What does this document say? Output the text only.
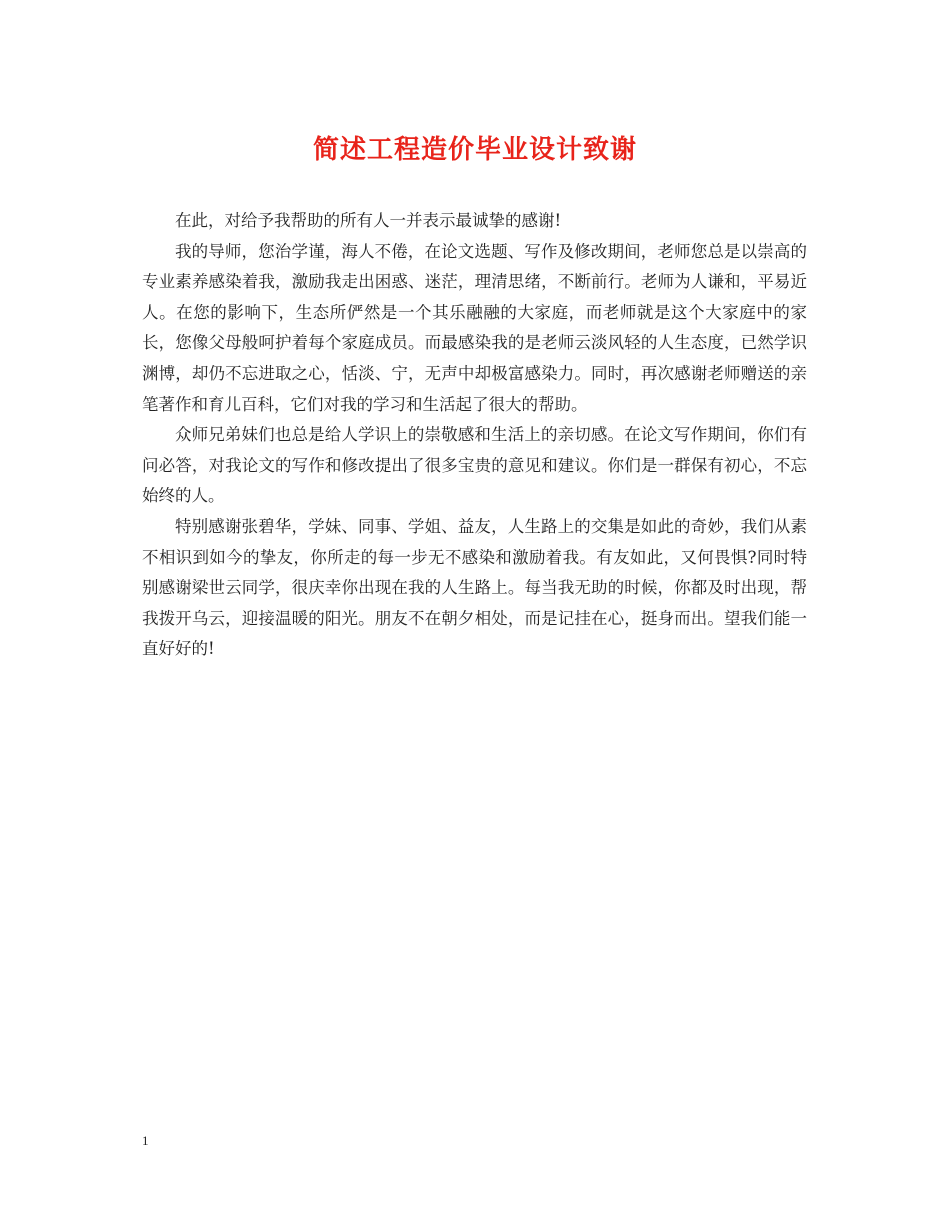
简述工程造价毕业设计致谢

在此，对给予我帮助的所有人一并表示最诚挚的感谢!

我的导师，您治学谨，海人不倦，在论文选题、写作及修改期间，老师您总是以崇高的专业素养感染着我，激励我走出困惑、迷茫，理清思绪，不断前行。老师为人谦和，平易近人。在您的影响下，生态所俨然是一个其乐融融的大家庭，而老师就是这个大家庭中的家长，您像父母般呵护着每个家庭成员。而最感染我的是老师云淡风轻的人生态度，已然学识渊博，却仍不忘进取之心，恬淡、宁，无声中却极富感染力。同时，再次感谢老师赠送的亲笔著作和育儿百科，它们对我的学习和生活起了很大的帮助。

众师兄弟妹们也总是给人学识上的崇敬感和生活上的亲切感。在论文写作期间，你们有问必答，对我论文的写作和修改提出了很多宝贵的意见和建议。你们是一群保有初心，不忘始终的人。

特别感谢张碧华，学妹、同事、学姐、益友，人生路上的交集是如此的奇妙，我们从素不相识到如今的挚友，你所走的每一步无不感染和激励着我。有友如此，又何畏惧?同时特别感谢梁世云同学，很庆幸你出现在我的人生路上。每当我无助的时候，你都及时出现，帮我拨开乌云，迎接温暖的阳光。朋友不在朝夕相处，而是记挂在心，挺身而出。望我们能一直好好的!

1
